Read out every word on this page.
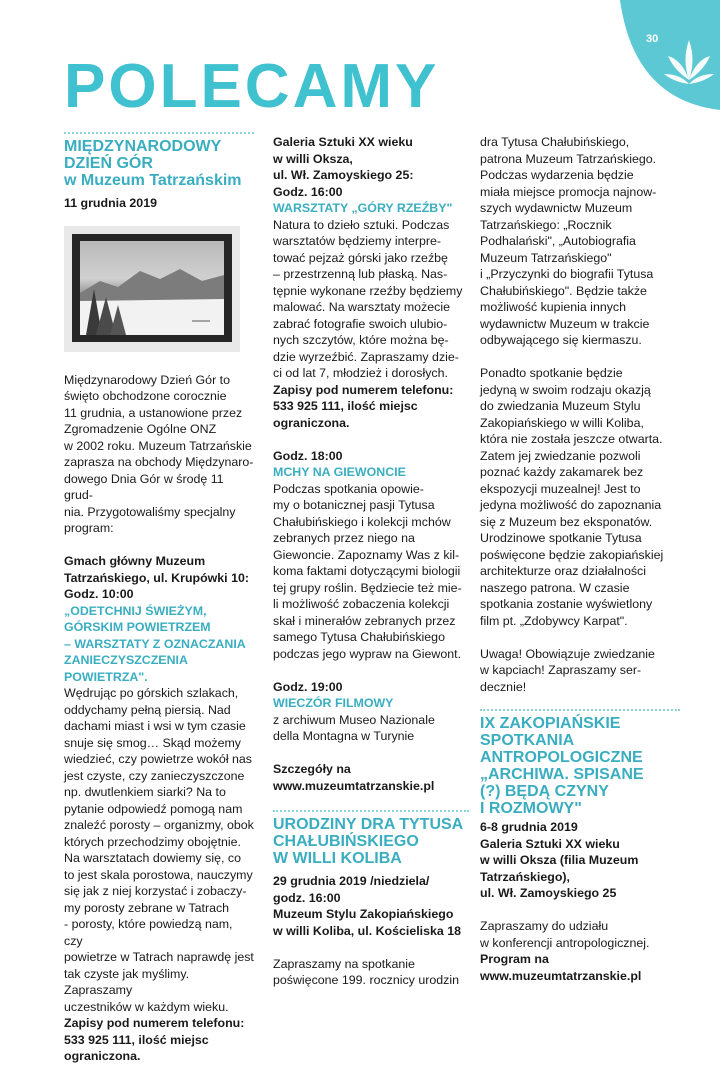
30
POLECAMY
MIĘDZYNARODOWY
DZIEŃ GÓR
w Muzeum Tatrzańskim

11 grudnia 2019

Międzynarodowy Dzień Gór to
święto obchodzone corocznie
11 grudnia, a ustanowione przez
Zgromadzenie Ogólne ONZ
w 2002 roku. Muzeum Tatrzańskie
zaprasza na obchody Międzynaro-
dowego Dnia Gór w środę 11 grud-
nia. Przygotowaliśmy specjalny
program:

Gmach główny Muzeum
Tatrzańskiego, ul. Krupówki 10:
Godz. 10:00

„ODETCHNIJ ŚWIEŻYM,
GÓRSKIM POWIETRZEM
– WARSZTATY Z OZNACZANIA
ZANIECZYSZCZENIA
POWIETRZA".

Wędrując po górskich szlakach,
oddychamy pełną piersią. Nad
dachami miast i wsi w tym czasie
snuje się smog… Skąd możemy
wiedzieć, czy powietrze wokół nas
jest czyste, czy zanieczyszczone
np. dwutlenkiem siarki? Na to
pytanie odpowiedź pomogą nam
znaleźć porosty – organizmy, obok
których przechodzimy obojętnie.
Na warsztatach dowiemy się, co
to jest skala porostowa, nauczymy
się jak z niej korzystać i zobaczy-
my porosty zebrane w Tatrach
- porosty, które powiedzą nam, czy
powietrze w Tatrach naprawdę jest
tak czyste jak myślimy. Zapraszamy
uczestników w każdym wieku.

Zapisy pod numerem telefonu:
533 925 111, ilość miejsc
ograniczona.

Galeria Sztuki XX wieku
w willi Oksza,
ul. Wł. Zamoyskiego 25:
Godz. 16:00

WARSZTATY „GÓRY RZEŹBY"

Natura to dzieło sztuki. Podczas
warsztatów będziemy interpre-
tować pejzaż górski jako rzeźbę
– przestrzenną lub płaską. Nas-
tępnie wykonane rzeźby będziemy
malować. Na warsztaty możecie
zabrać fotografie swoich ulubio-
nych szczytów, które można bę-
dzie wyrzeźbić. Zapraszamy dzie-
ci od lat 7, młodzież i dorosłych.

Zapisy pod numerem telefonu:
533 925 111, ilość miejsc
ograniczona.

Godz. 18:00

MCHY NA GIEWONCIE

Podczas spotkania opowie-
my o botanicznej pasji Tytusa
Chałubińskiego i kolekcji mchów
zebranych przez niego na
Giewoncie. Zapoznamy Was z kil-
koma faktami dotyczącymi biologii
tej grupy roślin. Będziecie też mie-
li możliwość zobaczenia kolekcji
skał i minerałów zebranych przez
samego Tytusa Chałubińskiego
podczas jego wypraw na Giewont.

Godz. 19:00

WIECZÓR FILMOWY

z archiwum Museo Nazionale
della Montagna w Turynie

Szczegóły na
www.muzeumtatrzanskie.pl

URODZINY DRA TYTUSA
CHAŁUBIŃSKIEGO
W WILLI KOLIBA

29 grudnia 2019 /niedziela/
godz. 16:00
Muzeum Stylu Zakopiańskiego
w willi Koliba, ul. Kościeliska 18

Zapraszamy na spotkanie
poświęcone 199. rocznicy urodzin

dra Tytusa Chałubińskiego,
patrona Muzeum Tatrzańskiego.
Podczas wydarzenia będzie
miała miejsce promocja najnow-
szych wydawnictw Muzeum
Tatrzańskiego: „Rocznik
Podhalański", „Autobiografia
Muzeum Tatrzańskiego"
i „Przyczynki do biografii Tytusa
Chałubińskiego". Będzie także
możliwość kupienia innych
wydawnictw Muzeum w trakcie
odbywającego się kiermaszu.

Ponadto spotkanie będzie
jedyną w swoim rodzaju okazją
do zwiedzania Muzeum Stylu
Zakopiańskiego w willi Koliba,
która nie została jeszcze otwarta.
Zatem jej zwiedzanie pozwoli
poznać każdy zakamarek bez
ekspozycji muzealnej! Jest to
jedyna możliwość do zapoznania
się z Muzeum bez eksponatów.
Urodzinowe spotkanie Tytusa
poświęcone będzie zakopiańskiej
architekturze oraz działalności
naszego patrona. W czasie
spotkania zostanie wyświetlony
film pt. „Zdobywcy Karpat".

Uwaga! Obowiązuje zwiedzanie
w kapciach! Zapraszamy ser-
decznie!

IX ZAKOPIAŃSKIE
SPOTKANIA
ANTROPOLOGICZNE
„ARCHIWA. SPISANE
(?) BĘDĄ CZYNY
I ROZMOWY"

6-8 grudnia 2019
Galeria Sztuki XX wieku
w willi Oksza (filia Muzeum
Tatrzańskiego),
ul. Wł. Zamoyskiego 25

Zapraszamy do udziału
w konferencji antropologicznej.

Program na
www.muzeumtatrzanskie.pl
